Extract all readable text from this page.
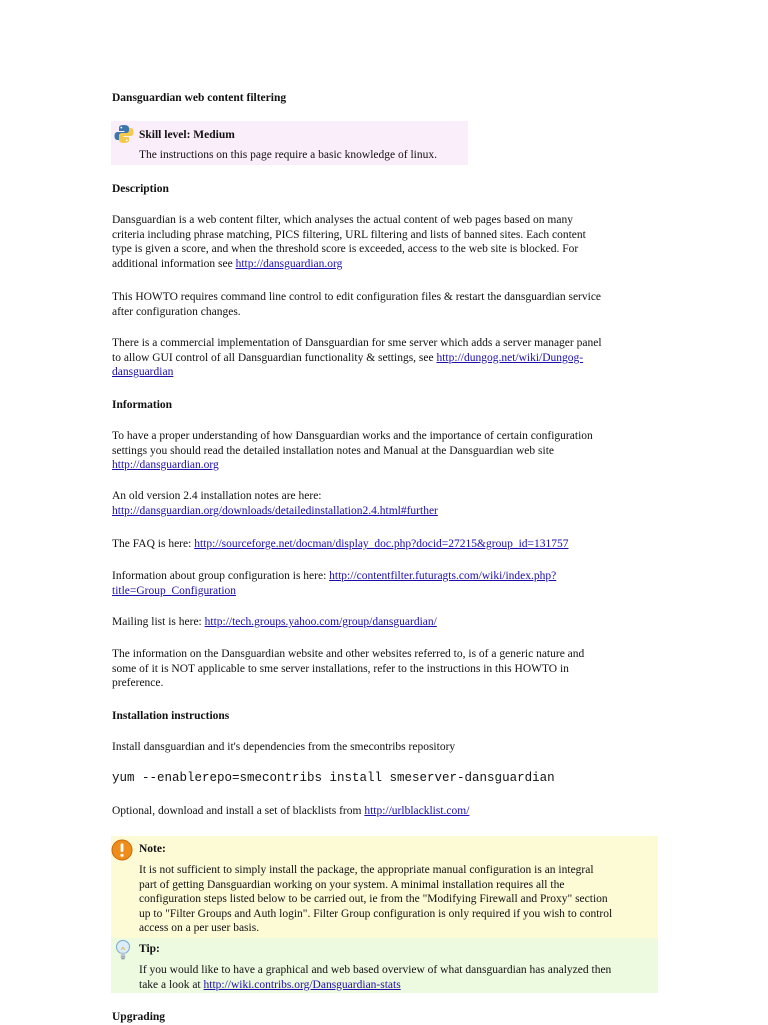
Dansguardian web content filtering
Skill level: Medium

The instructions on this page require a basic knowledge of linux.

Description
Dansguardian is a web content filter, which analyses the actual content of web pages based on many
criteria including phrase matching, PICS filtering, URL filtering and lists of banned sites. Each content
type is given a score, and when the threshold score is exceeded, access to the web site is blocked. For
additional information see http://dansguardian.org
This HOWTO requires command line control to edit configuration files & restart the dansguardian service
after configuration changes.
There is a commercial implementation of Dansguardian for sme server which adds a server manager panel
to allow GUI control of all Dansguardian functionality & settings, see http://dungog.net/wiki/Dungog-
dansguardian
Information
To have a proper understanding of how Dansguardian works and the importance of certain configuration
settings you should read the detailed installation notes and Manual at the Dansguardian web site
http://dansguardian.org
An old version 2.4 installation notes are here:
http://dansguardian.org/downloads/detailedinstallation2.4.html#further
The FAQ is here: http://sourceforge.net/docman/display_doc.php?docid=27215&group_id=131757
Information about group configuration is here: http://contentfilter.futuragts.com/wiki/index.php?
title=Group_Configuration
Mailing list is here: http://tech.groups.yahoo.com/group/dansguardian/
The information on the Dansguardian website and other websites referred to, is of a generic nature and
some of it is NOT applicable to sme server installations, refer to the instructions in this HOWTO in
preference.
Installation instructions

Install dansguardian and it's dependencies from the smecontribs repository

yum --enablerepo=smecontribs install smeserver-dansguardian
Optional, download and install a set of blacklists from http://urlblacklist.com/
Note:
It is not sufficient to simply install the package, the appropriate manual configuration is an integral
part of getting Dansguardian working on your system. A minimal installation requires all the
configuration steps listed below to be carried out, ie from the "Modifying Firewall and Proxy" section
up to "Filter Groups and Auth login". Filter Group configuration is only required if you wish to control
access on a per user basis.
Tip:
If you would like to have a graphical and web based overview of what dansguardian has analyzed then
take a look at http://wiki.contribs.org/Dansguardian-stats
Upgrading
